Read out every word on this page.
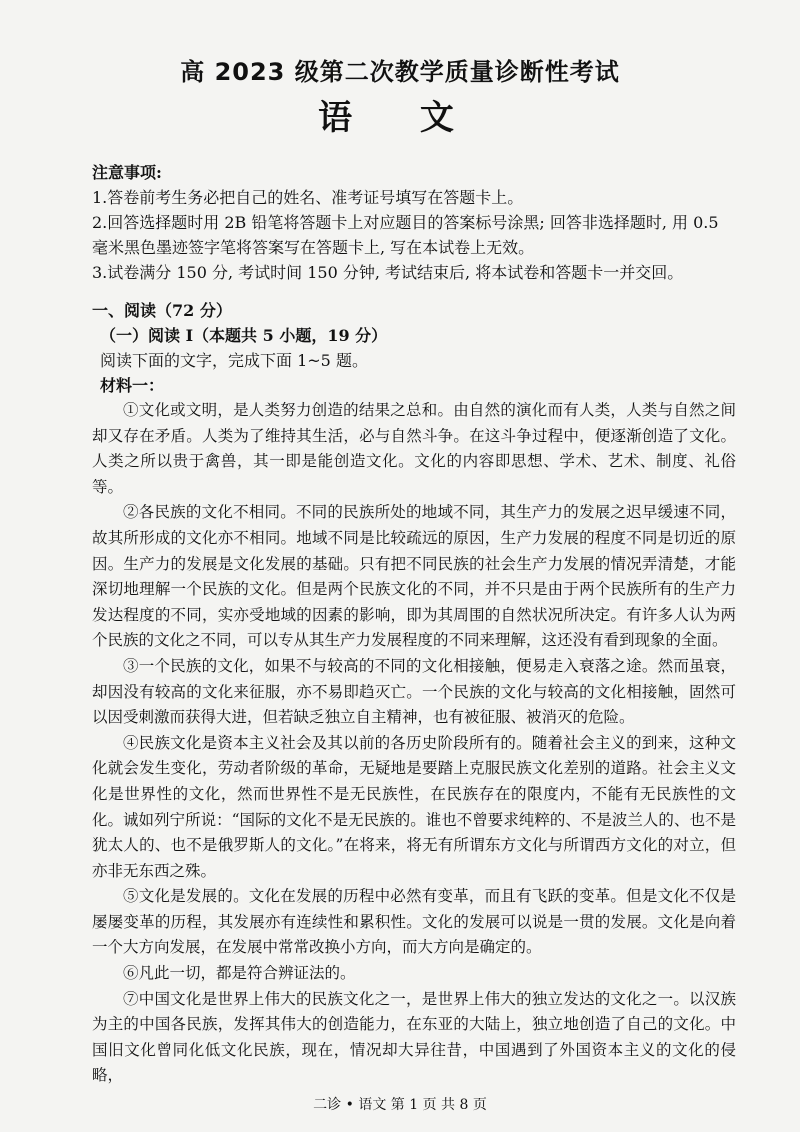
高 2023 级第二次教学质量诊断性考试
语 文

注意事项:

1.答卷前考生务必把自己的姓名、准考证号填写在答题卡上。

2.回答选择题时用 2B 铅笔将答题卡上对应题目的答案标号涂黑; 回答非选择题时, 用 0.5 毫米黑色墨迹签字笔将答案写在答题卡上, 写在本试卷上无效。

3.试卷满分 150 分, 考试时间 150 分钟, 考试结束后, 将本试卷和答题卡一并交回。

一、阅读（72 分）

（一）阅读 I（本题共 5 小题，19 分）

阅读下面的文字，完成下面 1~5 题。

材料一：

①文化或文明，是人类努力创造的结果之总和。由自然的演化而有人类，人类与自然之间却又存在矛盾。人类为了维持其生活，必与自然斗争。在这斗争过程中，便逐渐创造了文化。人类之所以贵于禽兽，其一即是能创造文化。文化的内容即思想、学术、艺术、制度、礼俗等。

②各民族的文化不相同。不同的民族所处的地域不同，其生产力的发展之迟早缓速不同，故其所形成的文化亦不相同。地域不同是比较疏远的原因，生产力发展的程度不同是切近的原因。生产力的发展是文化发展的基础。只有把不同民族的社会生产力发展的情况弄清楚，才能深切地理解一个民族的文化。但是两个民族文化的不同，并不只是由于两个民族所有的生产力发达程度的不同，实亦受地域的因素的影响，即为其周围的自然状况所决定。有许多人认为两个民族的文化之不同，可以专从其生产力发展程度的不同来理解，这还没有看到现象的全面。

③一个民族的文化，如果不与较高的不同的文化相接触，便易走入衰落之途。然而虽衰，却因没有较高的文化来征服，亦不易即趋灭亡。一个民族的文化与较高的文化相接触，固然可以因受刺激而获得大进，但若缺乏独立自主精神，也有被征服、被消灭的危险。

④民族文化是资本主义社会及其以前的各历史阶段所有的。随着社会主义的到来，这种文化就会发生变化，劳动者阶级的革命，无疑地是要踏上克服民族文化差别的道路。社会主义文化是世界性的文化，然而世界性不是无民族性，在民族存在的限度内，不能有无民族性的文化。诚如列宁所说：“国际的文化不是无民族的。谁也不曾要求纯粹的、不是波兰人的、也不是犹太人的、也不是俄罗斯人的文化。”在将来，将无有所谓东方文化与所谓西方文化的对立，但亦非无东西之殊。

⑤文化是发展的。文化在发展的历程中必然有变革，而且有飞跃的变革。但是文化不仅是屡屡变革的历程，其发展亦有连续性和累积性。文化的发展可以说是一贯的发展。文化是向着一个大方向发展，在发展中常常改换小方向，而大方向是确定的。

⑥凡此一切，都是符合辨证法的。

⑦中国文化是世界上伟大的民族文化之一，是世界上伟大的独立发达的文化之一。以汉族为主的中国各民族，发挥其伟大的创造能力，在东亚的大陆上，独立地创造了自己的文化。中国旧文化曾同化低文化民族，现在，情况却大异往昔，中国遇到了外国资本主义的文化的侵略，

二诊 • 语文 第 1 页 共 8 页
